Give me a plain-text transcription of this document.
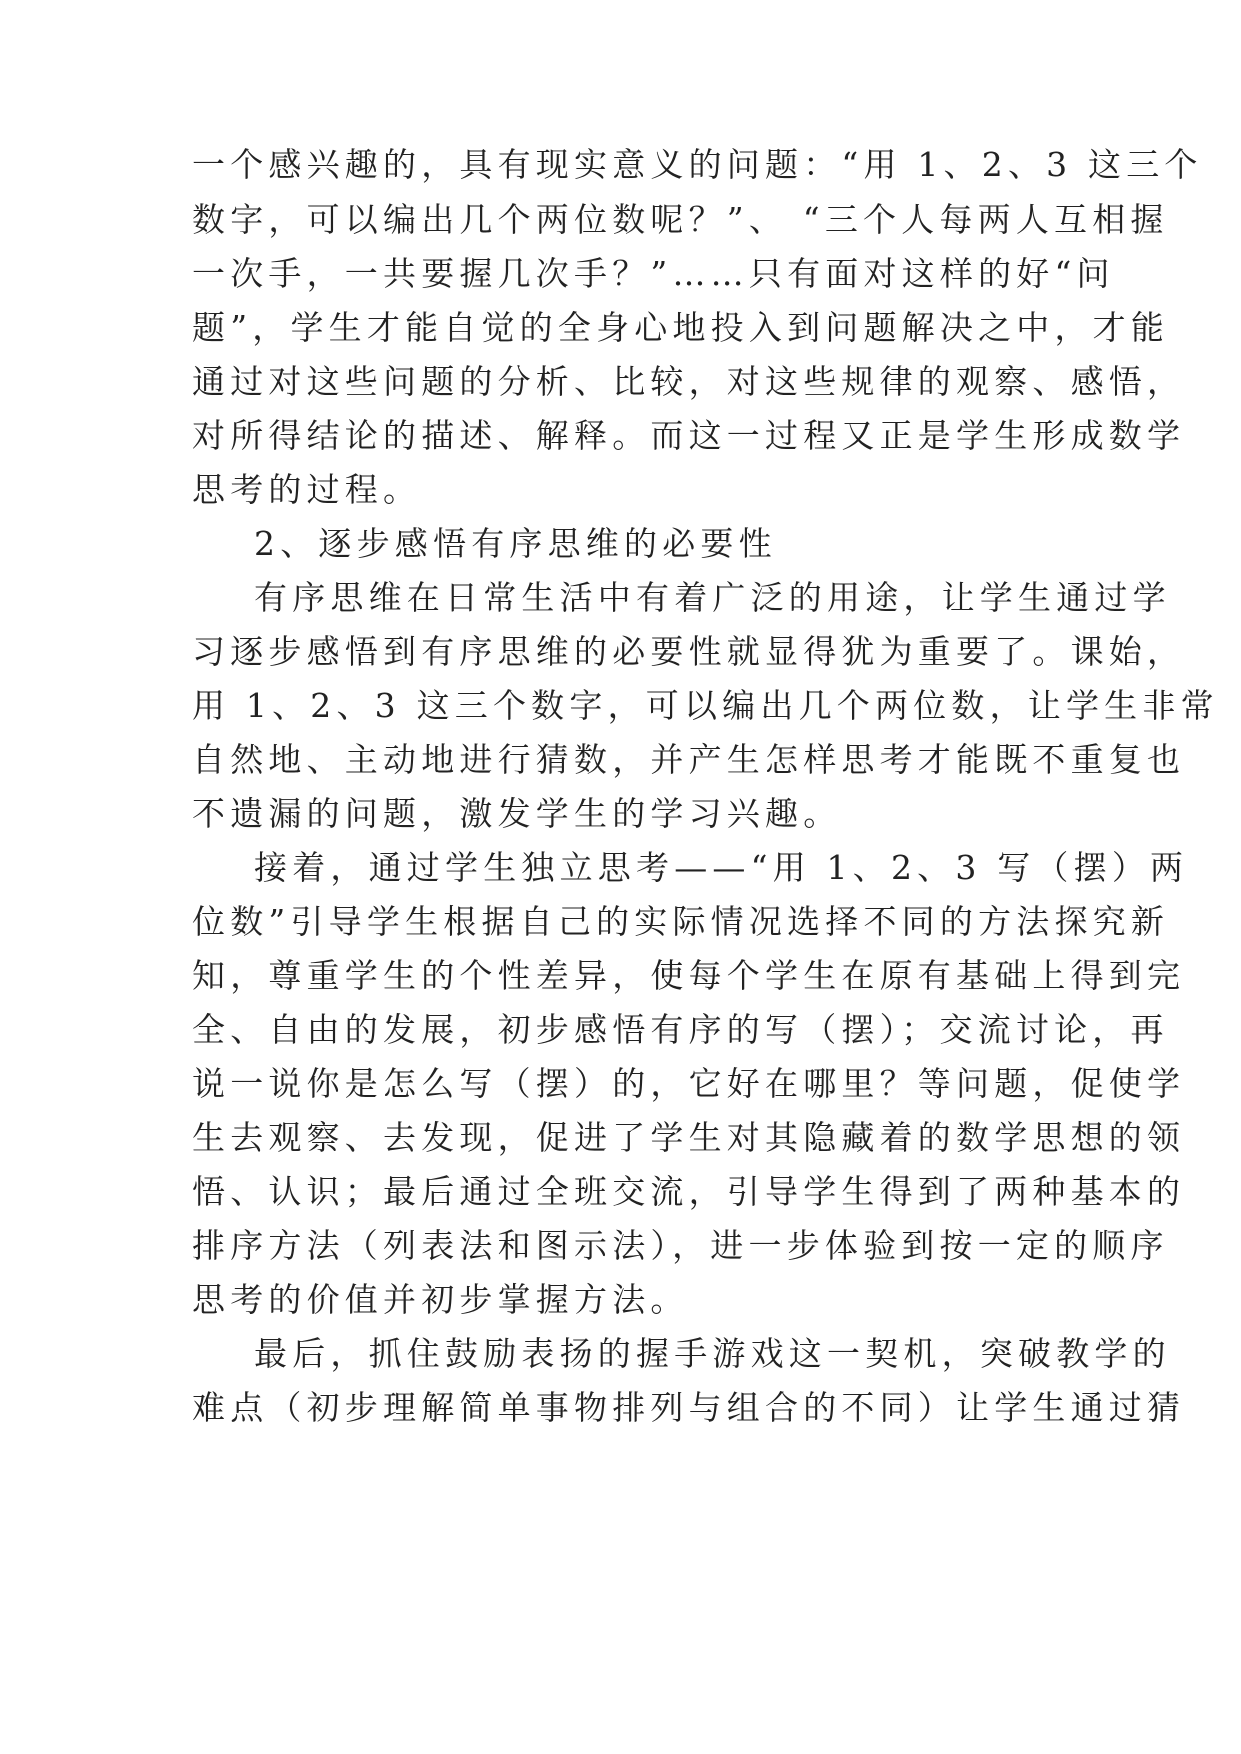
一个感兴趣的，具有现实意义的问题：“用 1、2、3 这三个
数字，可以编出几个两位数呢？”、 “三个人每两人互相握
一次手，一共要握几次手？”……只有面对这样的好“问
题”，学生才能自觉的全身心地投入到问题解决之中，才能
通过对这些问题的分析、比较，对这些规律的观察、感悟，
对所得结论的描述、解释。而这一过程又正是学生形成数学
思考的过程。
2、逐步感悟有序思维的必要性
有序思维在日常生活中有着广泛的用途，让学生通过学
习逐步感悟到有序思维的必要性就显得犹为重要了。课始，
用 1、2、3 这三个数字，可以编出几个两位数，让学生非常
自然地、主动地进行猜数，并产生怎样思考才能既不重复也
不遗漏的问题，激发学生的学习兴趣。
接着，通过学生独立思考——“用 1、2、3 写（摆）两
位数”引导学生根据自己的实际情况选择不同的方法探究新
知，尊重学生的个性差异，使每个学生在原有基础上得到完
全、自由的发展，初步感悟有序的写（摆）；交流讨论，再
说一说你是怎么写（摆）的，它好在哪里？等问题，促使学
生去观察、去发现，促进了学生对其隐藏着的数学思想的领
悟、认识；最后通过全班交流，引导学生得到了两种基本的
排序方法（列表法和图示法），进一步体验到按一定的顺序
思考的价值并初步掌握方法。
最后，抓住鼓励表扬的握手游戏这一契机，突破教学的
难点（初步理解简单事物排列与组合的不同）让学生通过猜
